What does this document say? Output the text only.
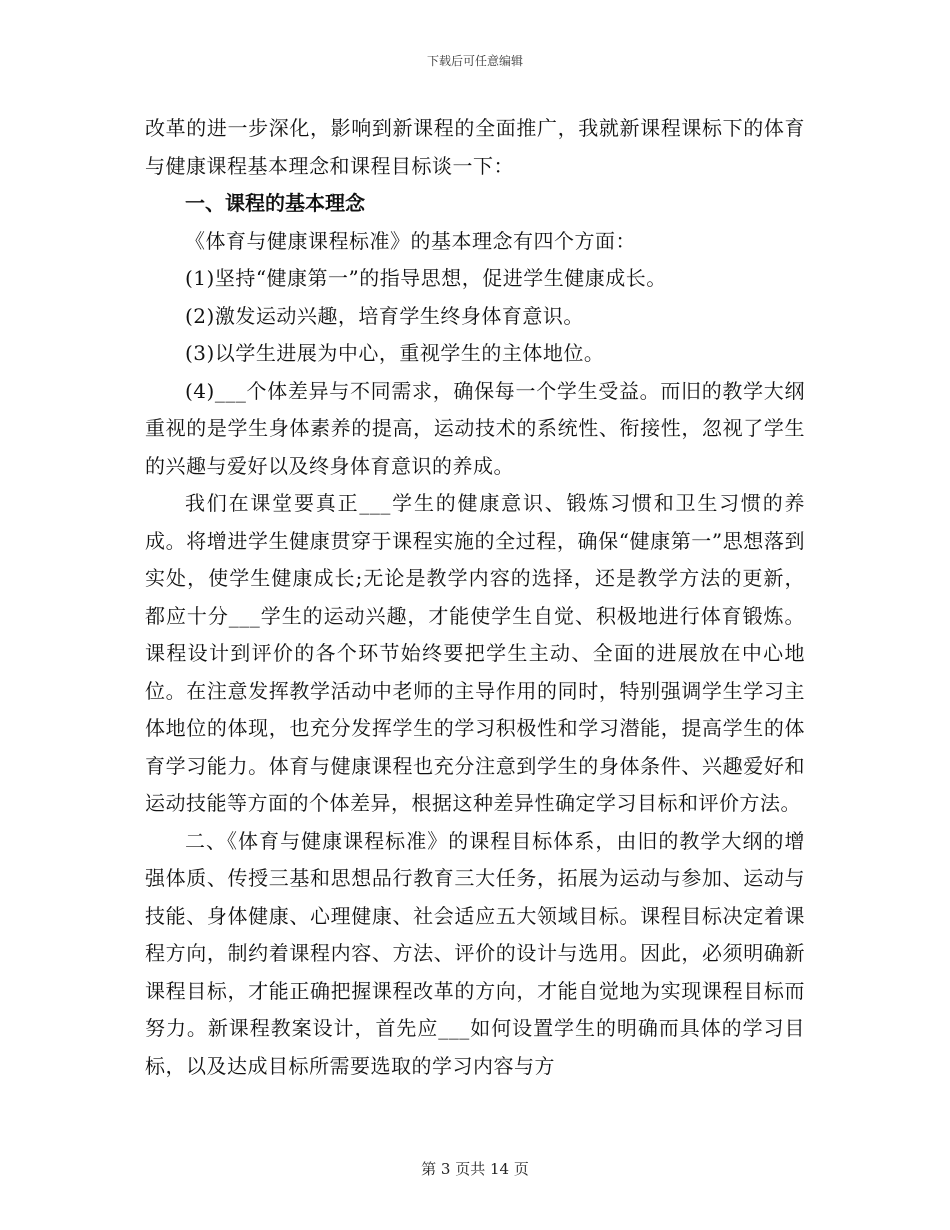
下载后可任意编辑

改革的进一步深化，影响到新课程的全面推广，我就新课程课标下的体育与健康课程基本理念和课程目标谈一下：

一、课程的基本理念

《体育与健康课程标准》的基本理念有四个方面：

(1)坚持“健康第一”的指导思想，促进学生健康成长。

(2)激发运动兴趣，培育学生终身体育意识。

(3)以学生进展为中心，重视学生的主体地位。

(4)___个体差异与不同需求，确保每一个学生受益。而旧的教学大纲重视的是学生身体素养的提高，运动技术的系统性、衔接性，忽视了学生的兴趣与爱好以及终身体育意识的养成。

我们在课堂要真正___学生的健康意识、锻炼习惯和卫生习惯的养成。将增进学生健康贯穿于课程实施的全过程，确保“健康第一”思想落到实处，使学生健康成长;无论是教学内容的选择，还是教学方法的更新，都应十分___学生的运动兴趣，才能使学生自觉、积极地进行体育锻炼。课程设计到评价的各个环节始终要把学生主动、全面的进展放在中心地位。在注意发挥教学活动中老师的主导作用的同时，特别强调学生学习主体地位的体现，也充分发挥学生的学习积极性和学习潜能，提高学生的体育学习能力。体育与健康课程也充分注意到学生的身体条件、兴趣爱好和运动技能等方面的个体差异，根据这种差异性确定学习目标和评价方法。

二、《体育与健康课程标准》的课程目标体系，由旧的教学大纲的增强体质、传授三基和思想品行教育三大任务，拓展为运动与参加、运动与技能、身体健康、心理健康、社会适应五大领域目标。课程目标决定着课程方向，制约着课程内容、方法、评价的设计与选用。因此，必须明确新课程目标，才能正确把握课程改革的方向，才能自觉地为实现课程目标而努力。新课程教案设计，首先应___如何设置学生的明确而具体的学习目标，以及达成目标所需要选取的学习内容与方

第 3 页共 14 页
